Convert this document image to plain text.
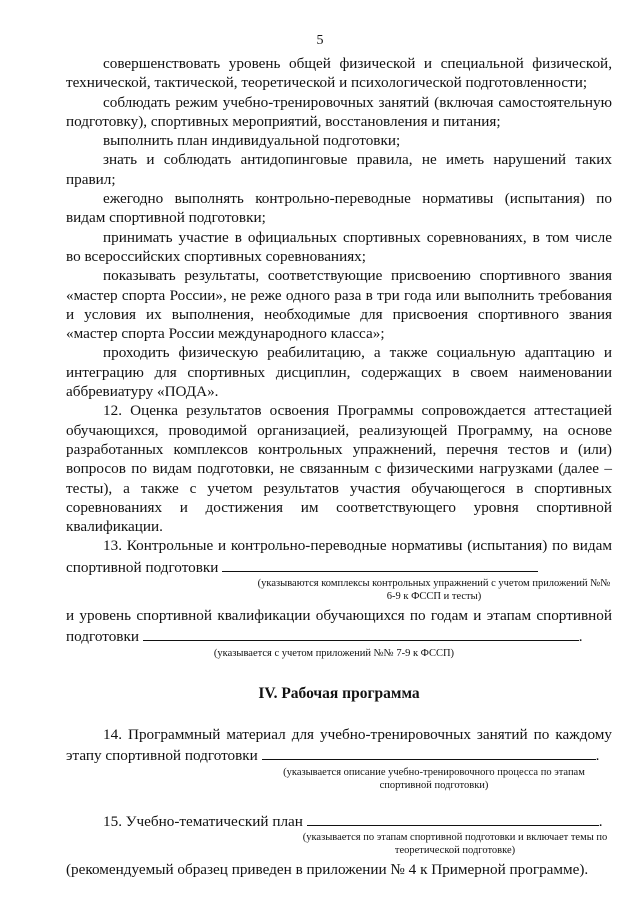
5

совершенствовать уровень общей физической и специальной физической, технической, тактической, теоретической и психологической подготовленности;

соблюдать режим учебно-тренировочных занятий (включая самостоятельную подготовку), спортивных мероприятий, восстановления и питания;

выполнить план индивидуальной подготовки;

знать и соблюдать антидопинговые правила, не иметь нарушений таких правил;

ежегодно выполнять контрольно-переводные нормативы (испытания) по видам спортивной подготовки;

принимать участие в официальных спортивных соревнованиях, в том числе во всероссийских спортивных соревнованиях;

показывать результаты, соответствующие присвоению спортивного звания «мастер спорта России», не реже одного раза в три года или выполнить требования и условия их выполнения, необходимые для присвоения спортивного звания «мастер спорта России международного класса»;

проходить физическую реабилитацию, а также социальную адаптацию и интеграцию для спортивных дисциплин, содержащих в своем наименовании аббревиатуру «ПОДА».

12. Оценка результатов освоения Программы сопровождается аттестацией обучающихся, проводимой организацией, реализующей Программу, на основе разработанных комплексов контрольных упражнений, перечня тестов и (или) вопросов по видам подготовки, не связанным с физическими нагрузками (далее – тесты), а также с учетом результатов участия обучающегося в спортивных соревнованиях и достижения им соответствующего уровня спортивной квалификации.

13. Контрольные и контрольно-переводные нормативы (испытания) по видам спортивной подготовки

(указываются комплексы контрольных упражнений с учетом приложений №№ 6-9 к ФССП и тесты)

и уровень спортивной квалификации обучающихся по годам и этапам спортивной подготовки	.

(указывается с учетом приложений №№ 7-9 к ФССП)
IV. Рабочая программа

14. Программный материал для учебно-тренировочных занятий по каждому этапу спортивной подготовки	.

(указывается описание учебно-тренировочного процесса по этапам спортивной подготовки)

15. Учебно-тематический план	.

(указывается по этапам спортивной подготовки и включает темы по теоретической подготовке)

(рекомендуемый образец приведен в приложении № 4 к Примерной программе).
